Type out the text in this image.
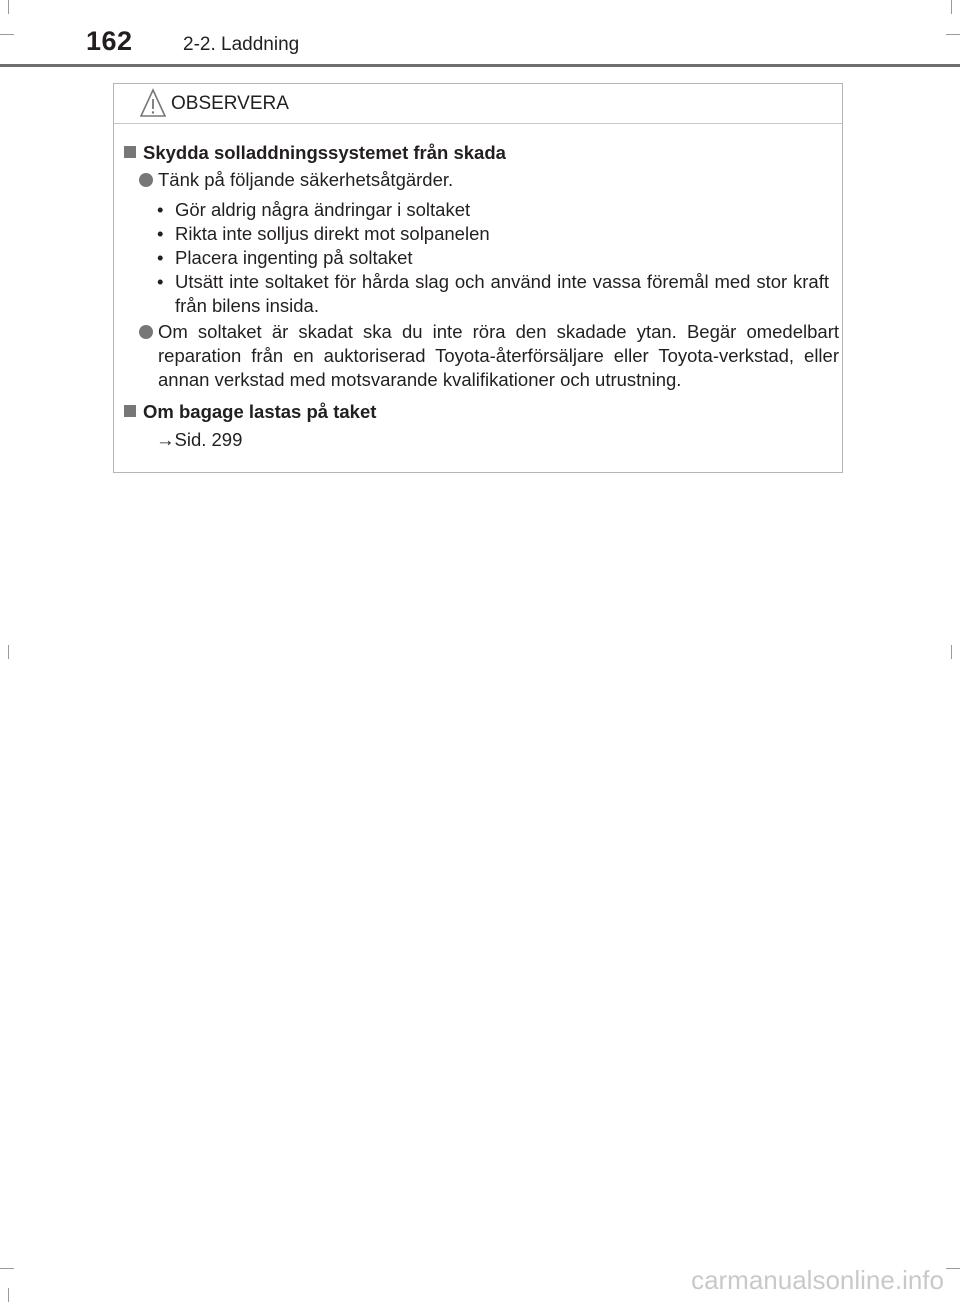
162	2-2. Laddning
OBSERVERA
Skydda solladdningssystemet från skada
Tänk på följande säkerhetsåtgärder.
• Gör aldrig några ändringar i soltaket
• Rikta inte solljus direkt mot solpanelen
• Placera ingenting på soltaket
• Utsätt inte soltaket för hårda slag och använd inte vassa föremål med stor kraft från bilens insida.
Om soltaket är skadat ska du inte röra den skadade ytan. Begär omedelbart reparation från en auktoriserad Toyota-återförsäljare eller Toyota-verkstad, eller annan verkstad med motsvarande kvalifikationer och utrustning.
Om bagage lastas på taket
→Sid. 299
carmanualsonline.info
